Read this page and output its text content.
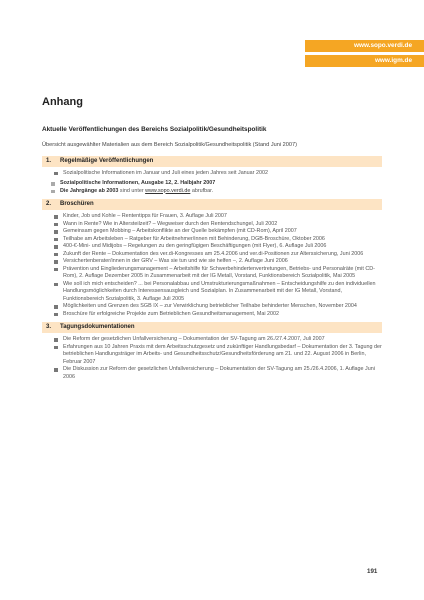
www.sopo.verdi.de
www.igm.de
Anhang
Aktuelle Veröffentlichungen des Bereichs Sozialpolitik/Gesundheitspolitik
Übersicht ausgewählter Materialien aus dem Bereich Sozialpolitik/Gesundheitspolitik (Stand Juni 2007)
1. Regelmäßige Veröffentlichungen
Sozialpolitische Informationen im Januar und Juli eines jeden Jahres seit Januar 2002
Sozialpolitische Informationen, Ausgabe 12, 2. Halbjahr 2007
Die Jahrgänge ab 2003 sind unter www.sopo.verdi.de abrufbar.
2. Broschüren
Kinder, Job und Kohle – Rententipps für Frauen, 3. Auflage Juli 2007
Wann in Rente? Wie in Altersteilzeit? – Wegweiser durch den Rentendschungel, Juli 2002
Gemeinsam gegen Mobbing – Arbeitskonflikte an der Quelle bekämpfen (mit CD-Rom), April 2007
Teilhabe am Arbeitsleben – Ratgeber für Arbeitnehmer/innen mit Behinderung, DGB-Broschüre, Oktober 2006
400-€-Mini- und Midijobs – Regelungen zu den geringfügigen Beschäftigungen (mit Flyer), 6. Auflage Juli 2006
Zukunft der Rente – Dokumentation des ver.di-Kongresses am 25.4.2006 und ver.di-Positionen zur Alterssicherung, Juni 2006
Versichertenberater/innen in der GRV – Was sie tun und wie sie helfen –, 2. Auflage Juni 2006
Prävention und Eingliederungsmanagement – Arbeitshilfe für Schwerbehindertenvertretungen, Betriebs- und Personalräte (mit CD-Rom), 2. Auflage Dezember 2005 in Zusammenarbeit mit der IG Metall, Vorstand, Funktionsbereich Sozialpolitik, Mai 2005
Wie soll ich mich entscheiden? ... bei Personalabbau und Umstrukturierungsmaßnahmen – Entscheidungshilfe zu den individuellen Handlungsmöglichkeiten durch Interessensausgleich und Sozialplan. In Zusammenarbeit mit der IG Metall, Vorstand, Funktionsbereich Sozialpolitik, 3. Auflage Juli 2005
Möglichkeiten und Grenzen des SGB IX – zur Verwirklichung betrieblicher Teilhabe behinderter Menschen, November 2004
Broschüre für erfolgreiche Projekte zum Betrieblichen Gesundheitsmanagement, Mai 2002
3. Tagungsdokumentationen
Die Reform der gesetzlichen Unfallversicherung – Dokumentation der SV-Tagung am 26./27.4.2007, Juli 2007
Erfahrungen aus 10 Jahren Praxis mit dem Arbeitsschutzgesetz und zukünftiger Handlungsbedarf – Dokumentation der 3. Tagung der betrieblichen Handlungsträger im Arbeits- und Gesundheitsschutz/Gesundheitsförderung am 21. und 22. August 2006 in Berlin, Februar 2007
Die Diskussion zur Reform der gesetzlichen Unfallversicherung – Dokumentation der SV-Tagung am 25./26.4.2006, 1. Auflage Juni 2006
191
